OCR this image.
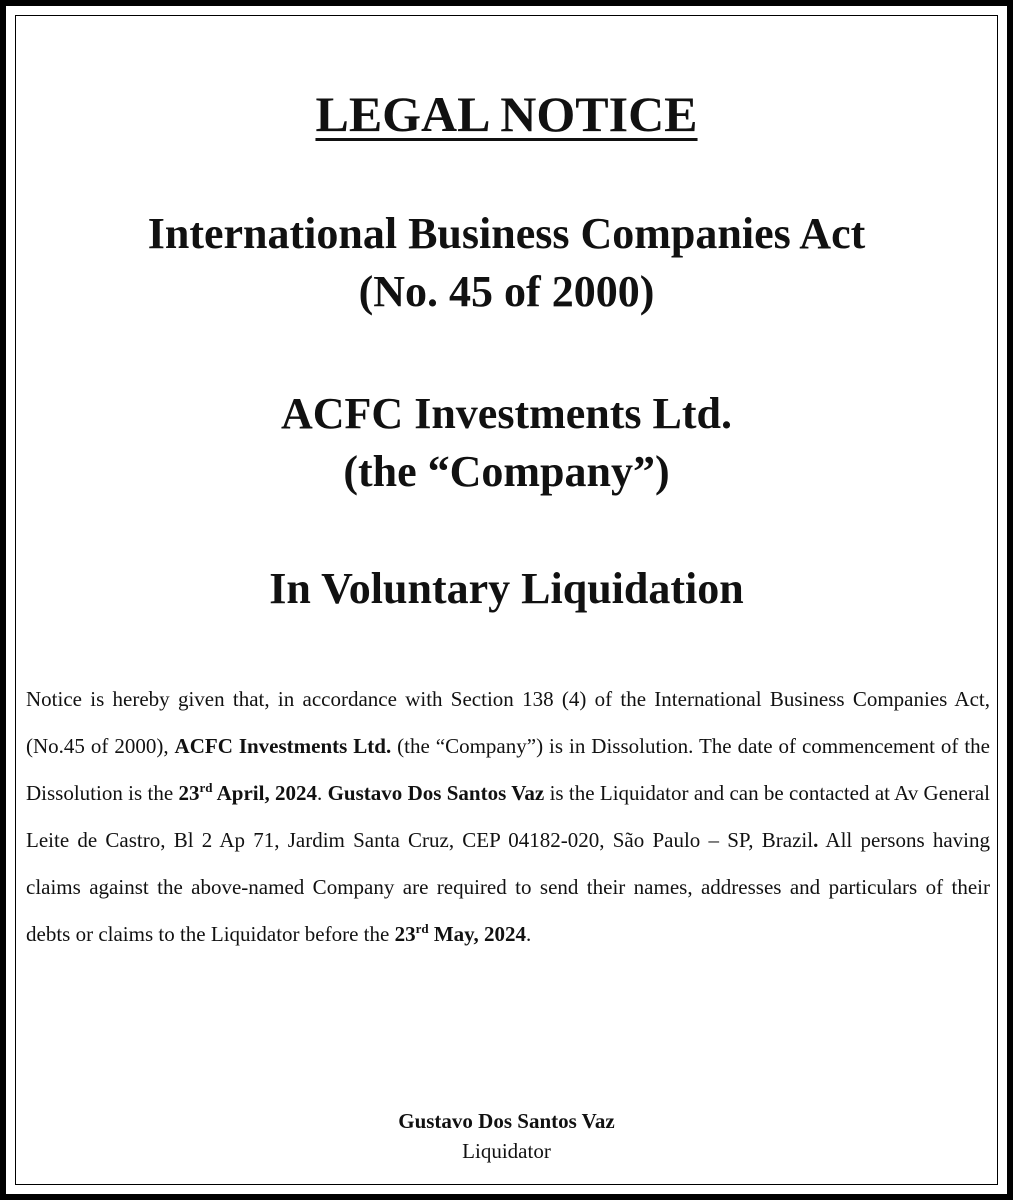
LEGAL NOTICE
International Business Companies Act
(No. 45 of 2000)
ACFC Investments Ltd.
(the “Company”)
In Voluntary Liquidation

Notice is hereby given that, in accordance with Section 138 (4) of the International Business Companies Act, (No.45 of 2000), ACFC Investments Ltd. (the “Company”) is in Dissolution. The date of commencement of the Dissolution is the 23rd April, 2024. Gustavo Dos Santos Vaz is the Liquidator and can be contacted at Av General Leite de Castro, Bl 2 Ap 71, Jardim Santa Cruz, CEP 04182-020, São Paulo – SP, Brazil. All persons having claims against the above-named Company are required to send their names, addresses and particulars of their debts or claims to the Liquidator before the 23rd May, 2024.

Gustavo Dos Santos Vaz
Liquidator
